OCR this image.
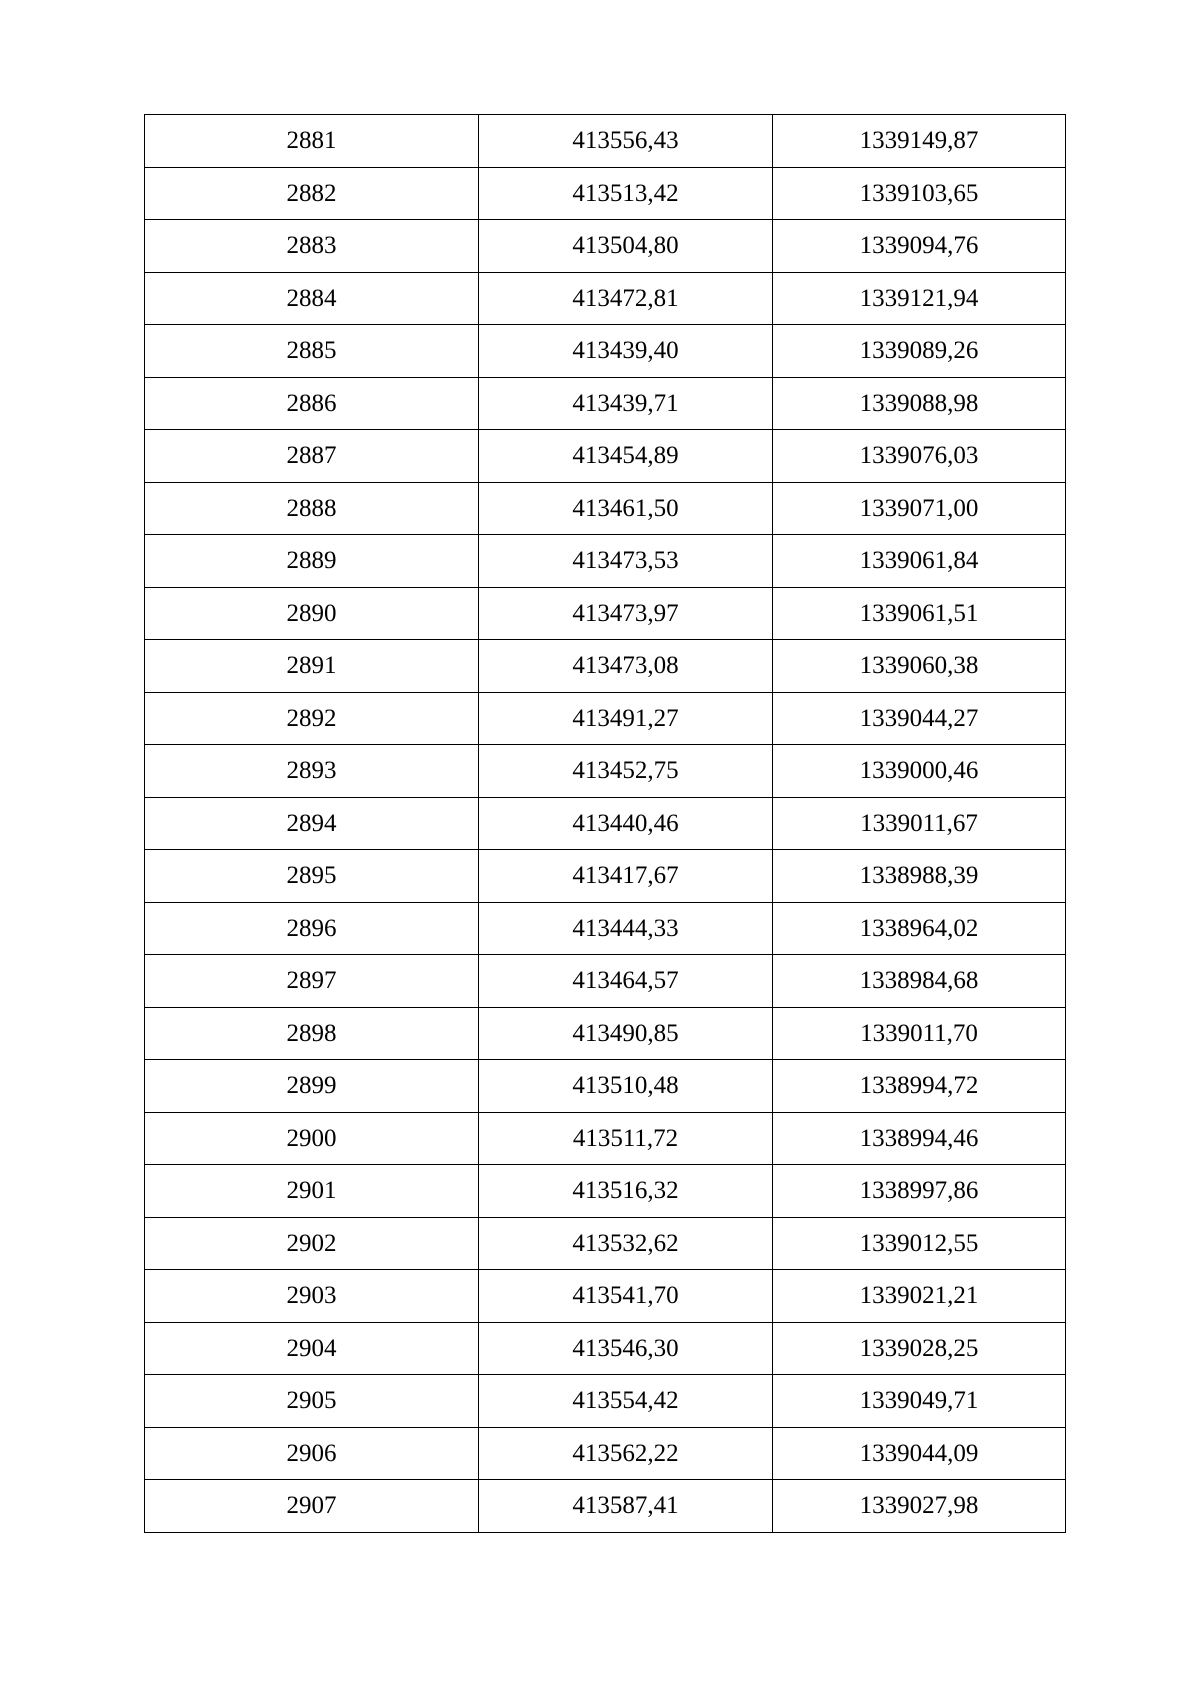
2881	413556,43	1339149,87
2882	413513,42	1339103,65
2883	413504,80	1339094,76
2884	413472,81	1339121,94
2885	413439,40	1339089,26
2886	413439,71	1339088,98
2887	413454,89	1339076,03
2888	413461,50	1339071,00
2889	413473,53	1339061,84
2890	413473,97	1339061,51
2891	413473,08	1339060,38
2892	413491,27	1339044,27
2893	413452,75	1339000,46
2894	413440,46	1339011,67
2895	413417,67	1338988,39
2896	413444,33	1338964,02
2897	413464,57	1338984,68
2898	413490,85	1339011,70
2899	413510,48	1338994,72
2900	413511,72	1338994,46
2901	413516,32	1338997,86
2902	413532,62	1339012,55
2903	413541,70	1339021,21
2904	413546,30	1339028,25
2905	413554,42	1339049,71
2906	413562,22	1339044,09
2907	413587,41	1339027,98
